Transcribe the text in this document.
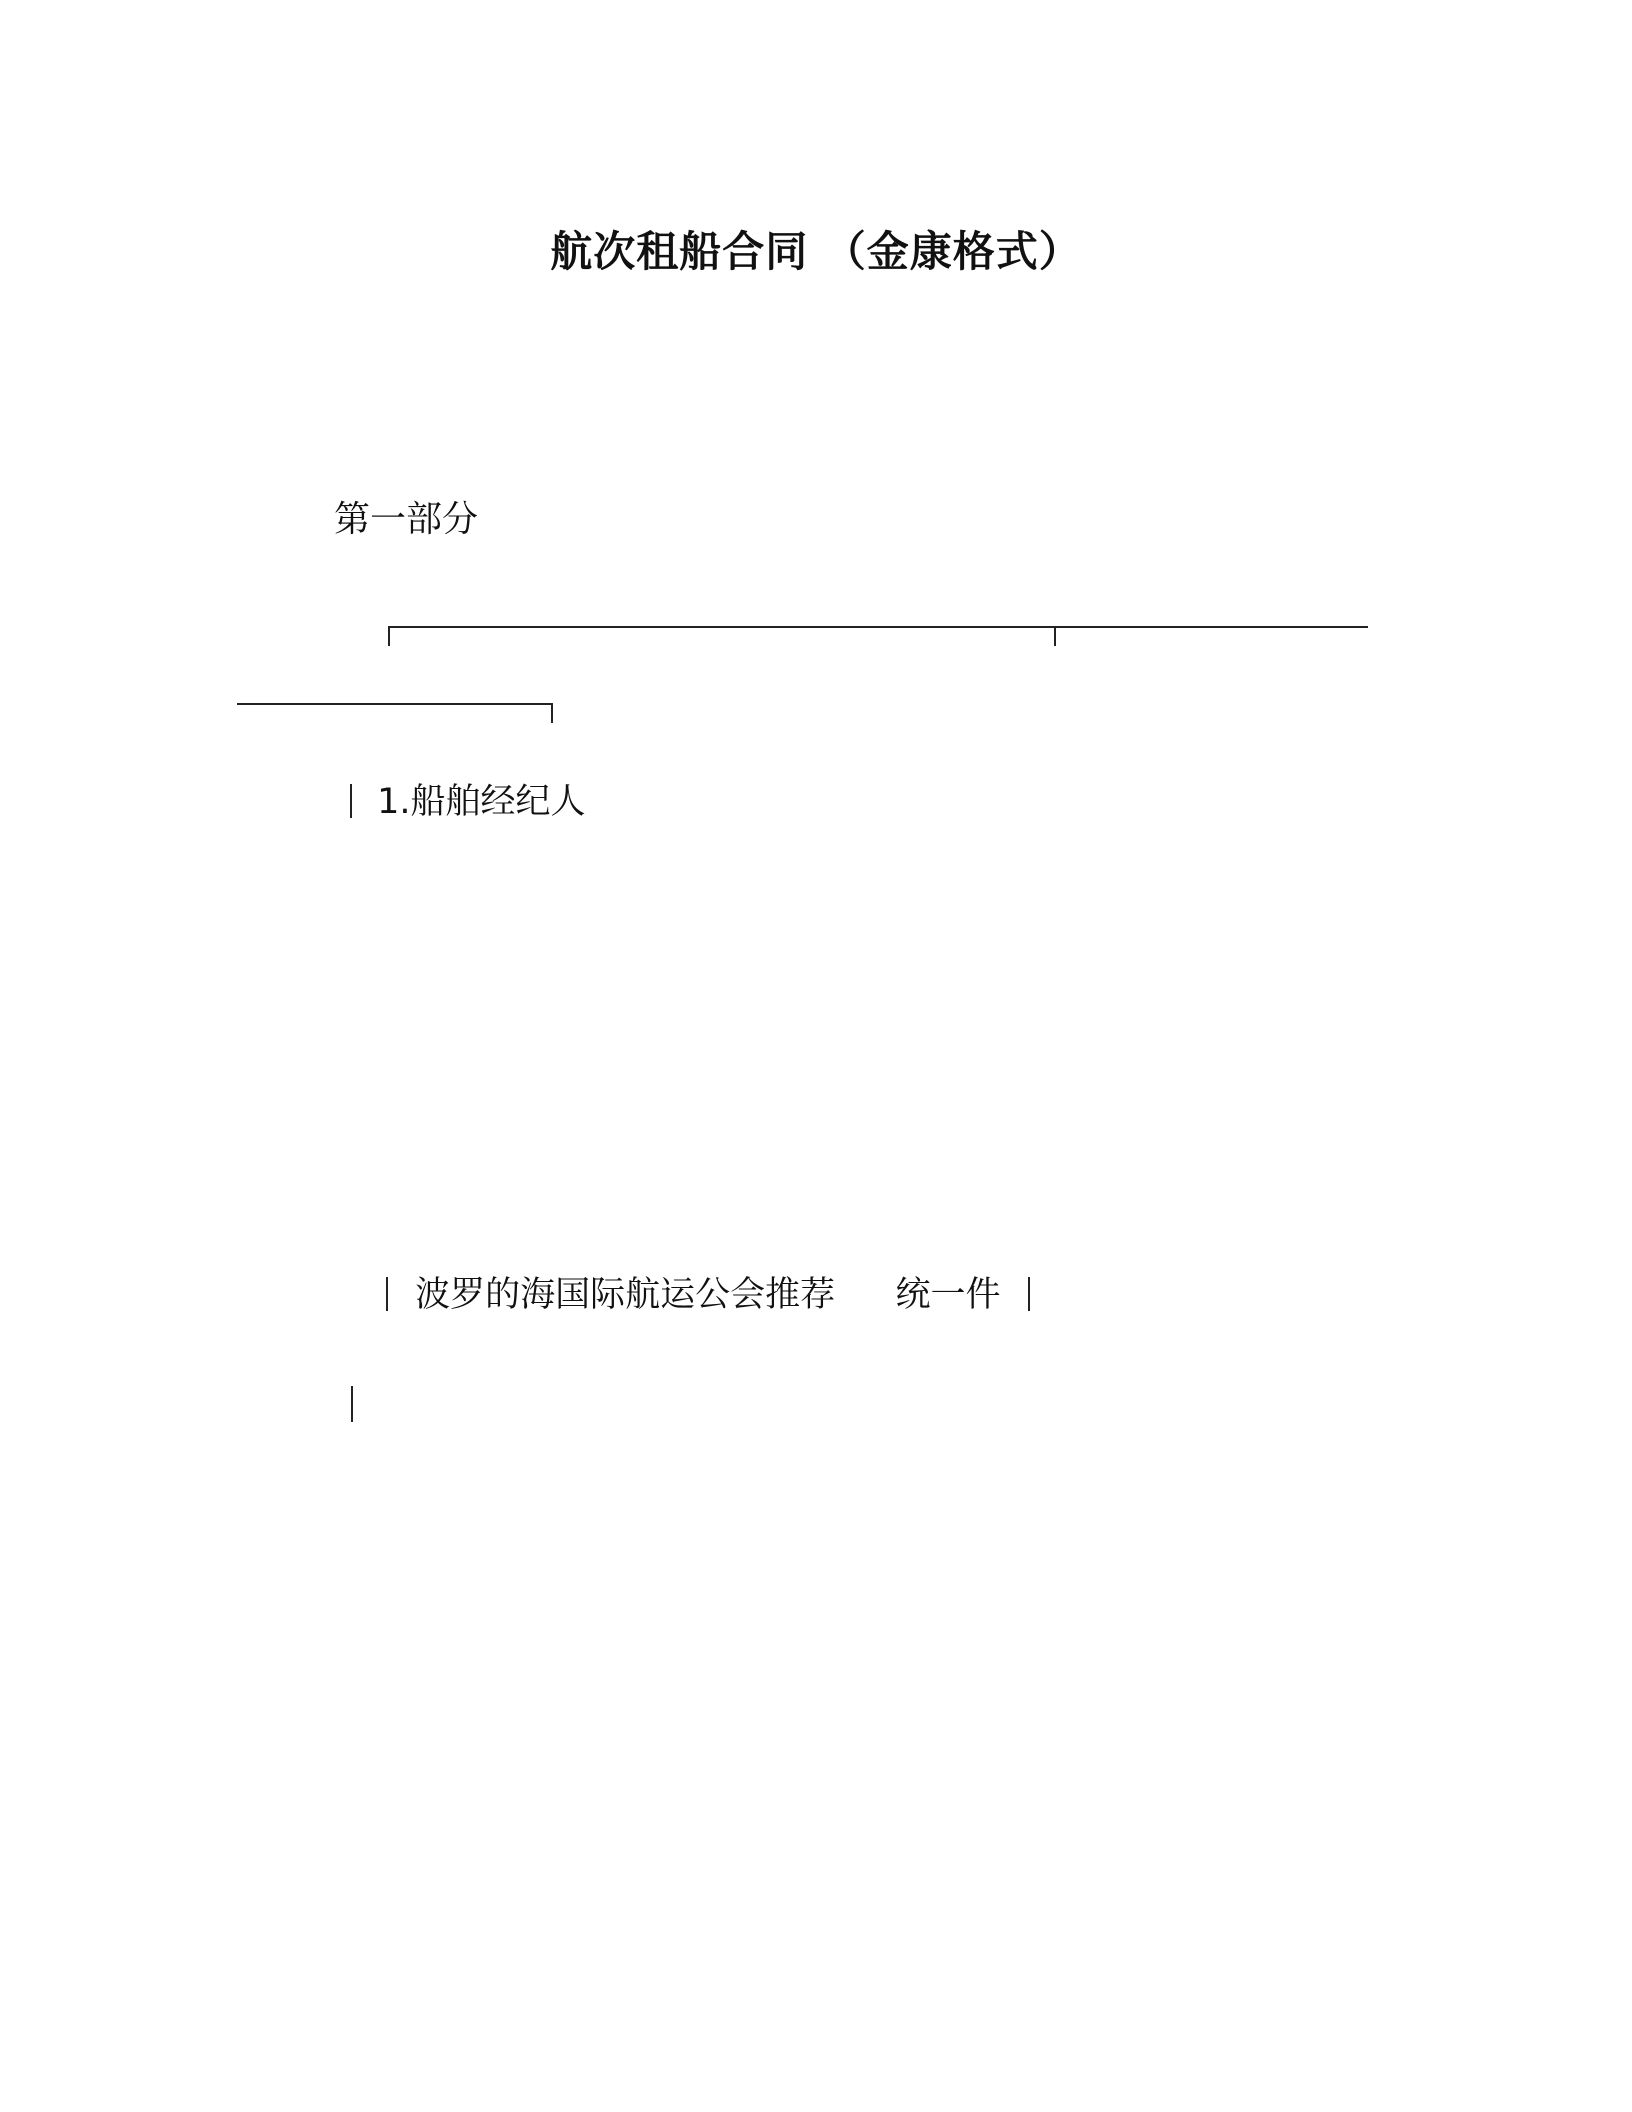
航次租船合同 （金康格式）
第一部分
1.船舶经纪人
波罗的海国际航运公会推荐 统一件
